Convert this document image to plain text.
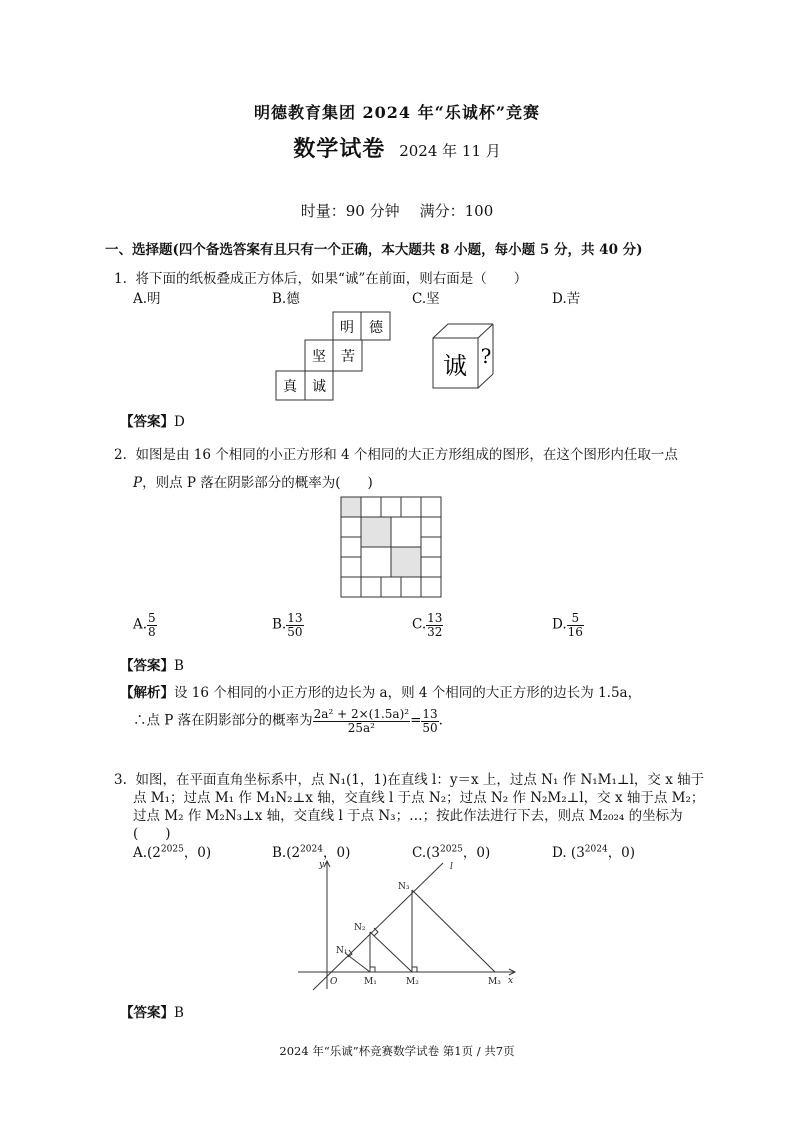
明德教育集团 2024 年“乐诚杯”竞赛
数学试卷 2024 年 11 月
时量：90 分钟 满分：100
一、选择题(四个备选答案有且只有一个正确，本大题共 8 小题，每小题 5 分，共 40 分)
1. 将下面的纸板叠成正方体后，如果“诚”在前面，则右面是（　　）
A.明	B.德	C.坚	D.苦
明 德
坚 苦
真 诚
诚 ?
【答案】D
2. 如图是由 16 个相同的小正方形和 4 个相同的大正方形组成的图形，在这个图形内任取一点
P，则点 P 落在阴影部分的概率为(　　)
A. $\frac{5}{8}$	B. $\frac{13}{50}$	C. $\frac{13}{32}$	D. $\frac{5}{16}$
【答案】B
【解析】设 16 个相同的小正方形的边长为 a，则 4 个相同的大正方形的边长为 1.5a，
∴点 P 落在阴影部分的概率为 $\frac{\text{2a² + 2×(1.5a)²}}{\text{25a²}} = \frac{13}{50}$ .
3. 如图，在平面直角坐标系中，点 N₁(1，1)在直线 l：y＝x 上，过点 N₁ 作 N₁M₁⊥l，交 x 轴于
点 M₁；过点 M₁ 作 M₁N₂⊥x 轴，交直线 l 于点 N₂；过点 N₂ 作 N₂M₂⊥l，交 x 轴于点 M₂；
过点 M₂ 作 M₂N₃⊥x 轴，交直线 l 于点 N₃；…；按此作法进行下去，则点 M₂₀₂₄ 的坐标为
(　　)
$A.(2^{2025}$，0)	$B.(2^{2024}$，0)	$C.(3^{2025}$，0)	D. ($3^{2024}$，0)
y
x
O
l
N₁
N₂
N₃
M₁	M₂	M₃
【答案】B
2024 年“乐诚”杯竞赛数学试卷 第1页 / 共7页
